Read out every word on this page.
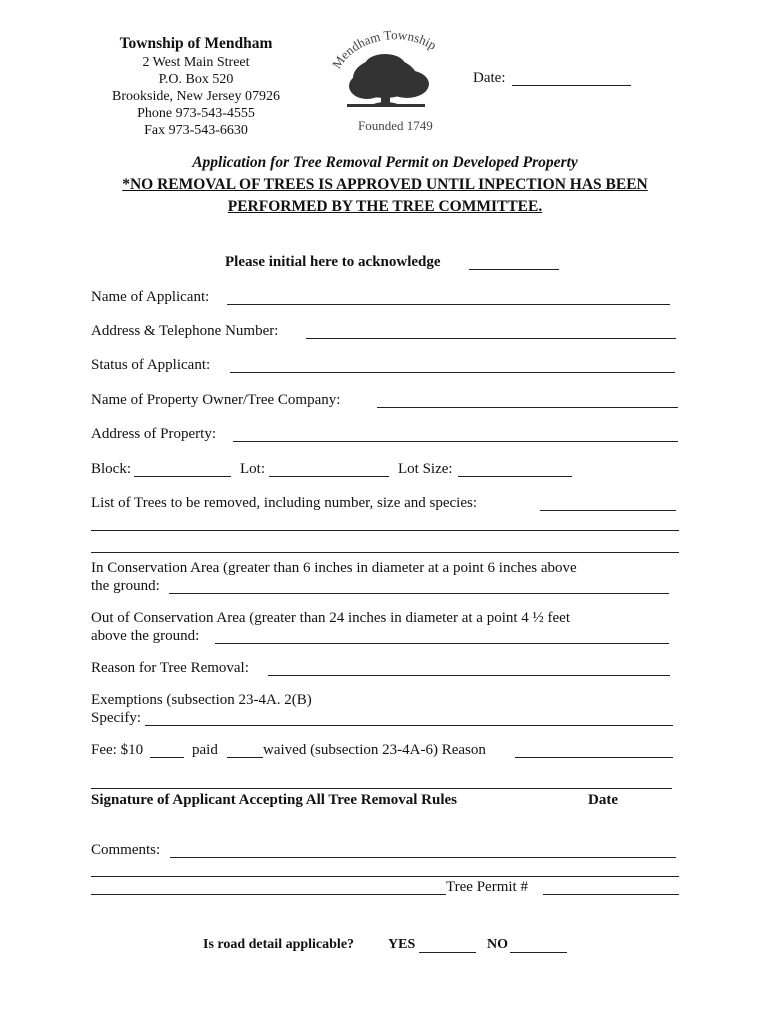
Township of Mendham
2 West Main Street
P.O. Box 520
Brookside, New Jersey 07926
Phone 973-543-4555
Fax 973-543-6630
Mendham Township
Founded 1749
Date:
Application for Tree Removal Permit on Developed Property
*NO REMOVAL OF TREES IS APPROVED UNTIL INPECTION HAS BEEN
PERFORMED BY THE TREE COMMITTEE.
Please initial here to acknowledge
Name of Applicant:
Address & Telephone Number:
Status of Applicant:
Name of Property Owner/Tree Company:
Address of Property:
Block:	Lot:	Lot Size:
List of Trees to be removed, including number, size and species:
In Conservation Area (greater than 6 inches in diameter at a point 6 inches above
the ground:
Out of Conservation Area (greater than 24 inches in diameter at a point 4 ½ feet
above the ground:
Reason for Tree Removal:
Exemptions (subsection 23-4A. 2(B)
Specify:
Fee: $10	paid	waived (subsection 23-4A-6) Reason
Signature of Applicant Accepting All Tree Removal Rules	Date
Comments:
Tree Permit #
Is road detail applicable? YES	NO
